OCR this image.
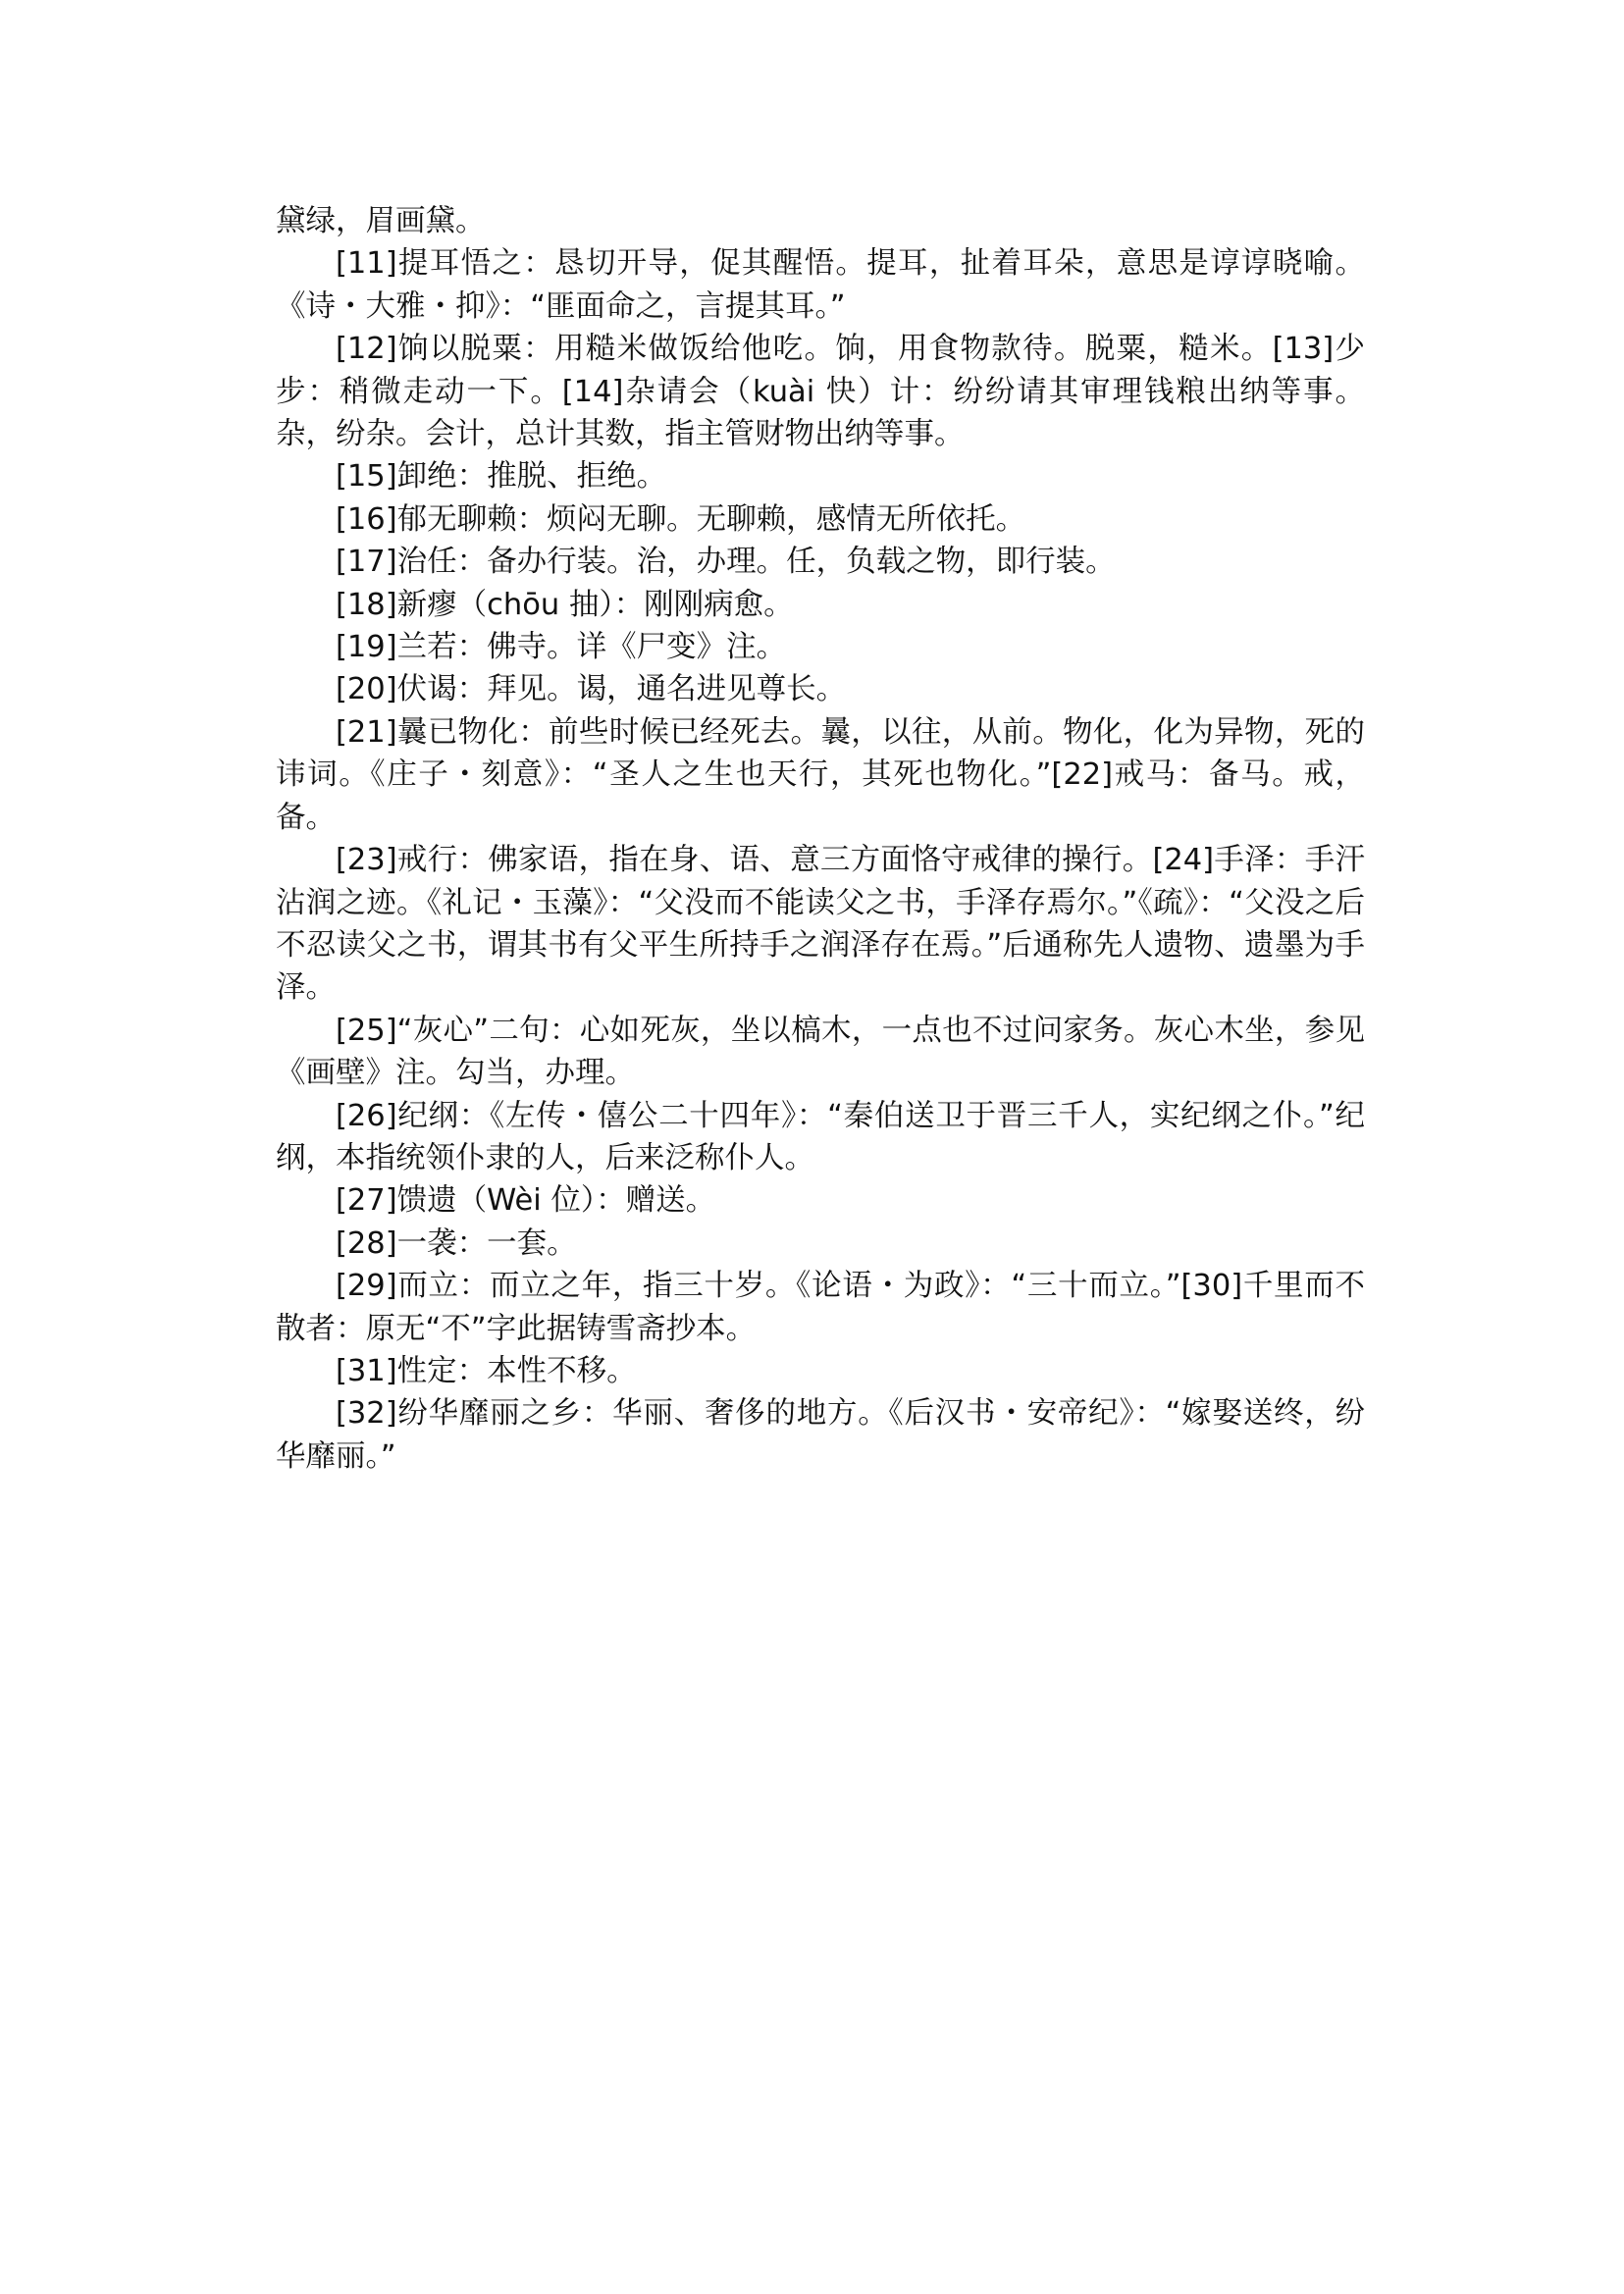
黛绿，眉画黛。

[11]提耳悟之：恳切开导，促其醒悟。提耳，扯着耳朵，意思是谆谆晓喻。《诗・大雅・抑》：“匪面命之，言提其耳。”

[12]饷以脱粟：用糙米做饭给他吃。饷，用食物款待。脱粟，糙米。[13]少步：稍微走动一下。[14]杂请会（kuài 快）计：纷纷请其审理钱粮出纳等事。杂，纷杂。会计，总计其数，指主管财物出纳等事。

[15]卸绝：推脱、拒绝。

[16]郁无聊赖：烦闷无聊。无聊赖，感情无所依托。

[17]治任：备办行装。治，办理。任，负载之物，即行装。

[18]新瘳（chōu 抽）：刚刚病愈。

[19]兰若：佛寺。详《尸变》注。

[20]伏谒：拜见。谒，通名进见尊长。

[21]曩已物化：前些时候已经死去。曩，以往，从前。物化，化为异物，死的讳词。《庄子・刻意》：“圣人之生也天行，其死也物化。”[22]戒马：备马。戒，备。

[23]戒行：佛家语，指在身、语、意三方面恪守戒律的操行。[24]手泽：手汗沾润之迹。《礼记・玉藻》：“父没而不能读父之书，手泽存焉尔。”《疏》：“父没之后不忍读父之书，谓其书有父平生所持手之润泽存在焉。”后通称先人遗物、遗墨为手泽。

[25]“灰心”二句：心如死灰，坐以槁木，一点也不过问家务。灰心木坐，参见《画壁》注。勾当，办理。

[26]纪纲：《左传・僖公二十四年》：“秦伯送卫于晋三千人，实纪纲之仆。”纪纲，本指统领仆隶的人，后来泛称仆人。

[27]馈遗（Wèi 位）：赠送。

[28]一袭：一套。

[29]而立：而立之年，指三十岁。《论语・为政》：“三十而立。”[30]千里而不散者：原无“不”字此据铸雪斋抄本。

[31]性定：本性不移。

[32]纷华靡丽之乡：华丽、奢侈的地方。《后汉书・安帝纪》：“嫁娶送终，纷华靡丽。”
